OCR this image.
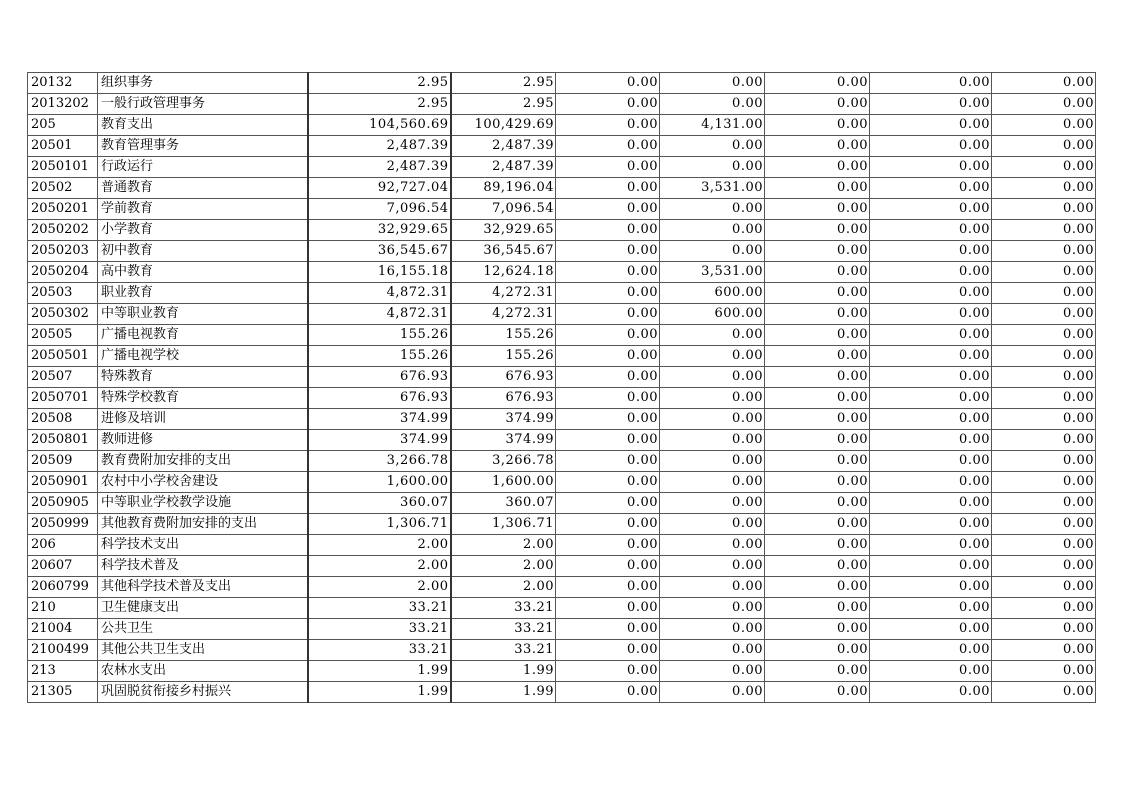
20132	组织事务	2.95	2.95	0.00	0.00	0.00	0.00	0.00
2013202	一般行政管理事务	2.95	2.95	0.00	0.00	0.00	0.00	0.00
205	教育支出	104,560.69	100,429.69	0.00	4,131.00	0.00	0.00	0.00
20501	教育管理事务	2,487.39	2,487.39	0.00	0.00	0.00	0.00	0.00
2050101	行政运行	2,487.39	2,487.39	0.00	0.00	0.00	0.00	0.00
20502	普通教育	92,727.04	89,196.04	0.00	3,531.00	0.00	0.00	0.00
2050201	学前教育	7,096.54	7,096.54	0.00	0.00	0.00	0.00	0.00
2050202	小学教育	32,929.65	32,929.65	0.00	0.00	0.00	0.00	0.00
2050203	初中教育	36,545.67	36,545.67	0.00	0.00	0.00	0.00	0.00
2050204	高中教育	16,155.18	12,624.18	0.00	3,531.00	0.00	0.00	0.00
20503	职业教育	4,872.31	4,272.31	0.00	600.00	0.00	0.00	0.00
2050302	中等职业教育	4,872.31	4,272.31	0.00	600.00	0.00	0.00	0.00
20505	广播电视教育	155.26	155.26	0.00	0.00	0.00	0.00	0.00
2050501	广播电视学校	155.26	155.26	0.00	0.00	0.00	0.00	0.00
20507	特殊教育	676.93	676.93	0.00	0.00	0.00	0.00	0.00
2050701	特殊学校教育	676.93	676.93	0.00	0.00	0.00	0.00	0.00
20508	进修及培训	374.99	374.99	0.00	0.00	0.00	0.00	0.00
2050801	教师进修	374.99	374.99	0.00	0.00	0.00	0.00	0.00
20509	教育费附加安排的支出	3,266.78	3,266.78	0.00	0.00	0.00	0.00	0.00
2050901	农村中小学校舍建设	1,600.00	1,600.00	0.00	0.00	0.00	0.00	0.00
2050905	中等职业学校教学设施	360.07	360.07	0.00	0.00	0.00	0.00	0.00
2050999	其他教育费附加安排的支出	1,306.71	1,306.71	0.00	0.00	0.00	0.00	0.00
206	科学技术支出	2.00	2.00	0.00	0.00	0.00	0.00	0.00
20607	科学技术普及	2.00	2.00	0.00	0.00	0.00	0.00	0.00
2060799	其他科学技术普及支出	2.00	2.00	0.00	0.00	0.00	0.00	0.00
210	卫生健康支出	33.21	33.21	0.00	0.00	0.00	0.00	0.00
21004	公共卫生	33.21	33.21	0.00	0.00	0.00	0.00	0.00
2100499	其他公共卫生支出	33.21	33.21	0.00	0.00	0.00	0.00	0.00
213	农林水支出	1.99	1.99	0.00	0.00	0.00	0.00	0.00
21305	巩固脱贫衔接乡村振兴	1.99	1.99	0.00	0.00	0.00	0.00	0.00
